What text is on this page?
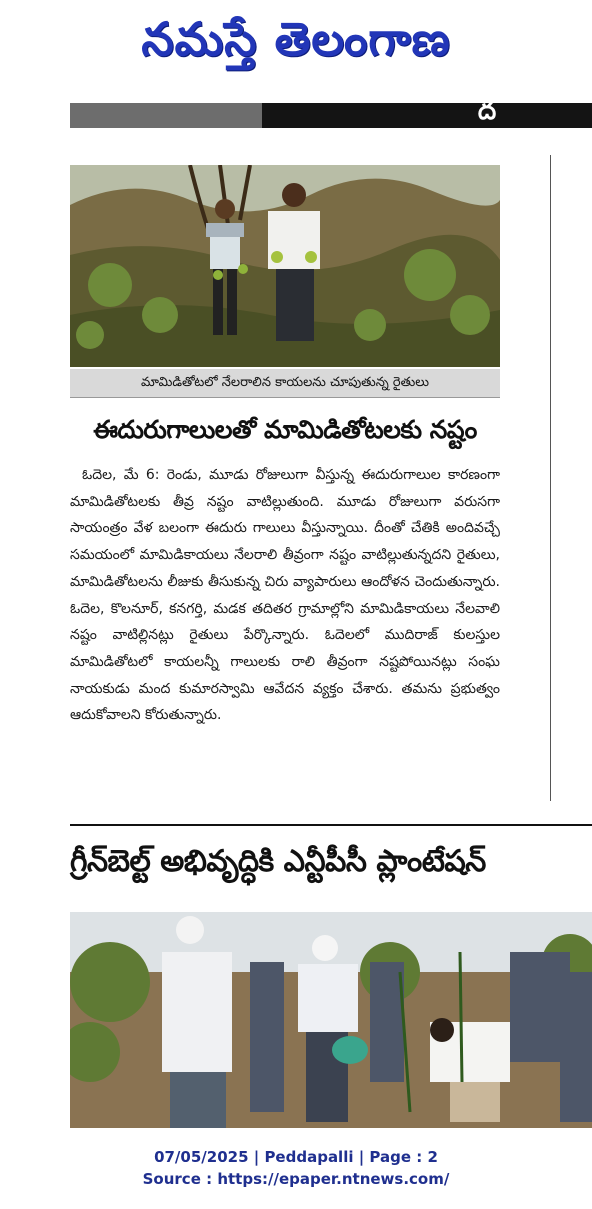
నమస్తే తెలంగాణ
ద
మామిడితోటలో నేలరాలిన కాయలను చూపుతున్న రైతులు
ఈదురుగాలులతో మామిడితోటలకు నష్టం

ఓదెల, మే 6: రెండు, మూడు రోజులుగా వీస్తున్న ఈదురుగాలుల కారణంగా మామిడితోటలకు తీవ్ర నష్టం వాటిల్లుతుంది. మూడు రోజులుగా వరుసగా సాయంత్రం వేళ బలంగా ఈదురు గాలులు వీస్తున్నాయి. దీంతో చేతికి అందివచ్చే సమయంలో మామిడికాయలు నేలరాలి తీవ్రంగా నష్టం వాటిల్లుతున్నదని రైతులు, మామిడితోటలను లీజుకు తీసుకున్న చిరు వ్యాపారులు ఆందోళన చెందుతున్నారు. ఓదెల, కొలనూర్, కనగర్తి, మడక తదితర గ్రామాల్లోని మామిడికాయలు నేలవాలి నష్టం వాటిల్లినట్లు రైతులు పేర్కొన్నారు. ఓదెలలో ముదిరాజ్ కులస్తుల మామిడితోటలో కాయలన్నీ గాలులకు రాలి తీవ్రంగా నష్టపోయినట్లు సంఘ నాయకుడు మంద కుమారస్వామి ఆవేదన వ్యక్తం చేశారు. తమను ప్రభుత్వం ఆదుకోవాలని కోరుతున్నారు.

గ్రీన్‌బెల్ట్ అభివృద్ధికి ఎన్టీపీసీ ప్లాంటేషన్
07/05/2025 | Peddapalli | Page : 2
Source : https://epaper.ntnews.com/
